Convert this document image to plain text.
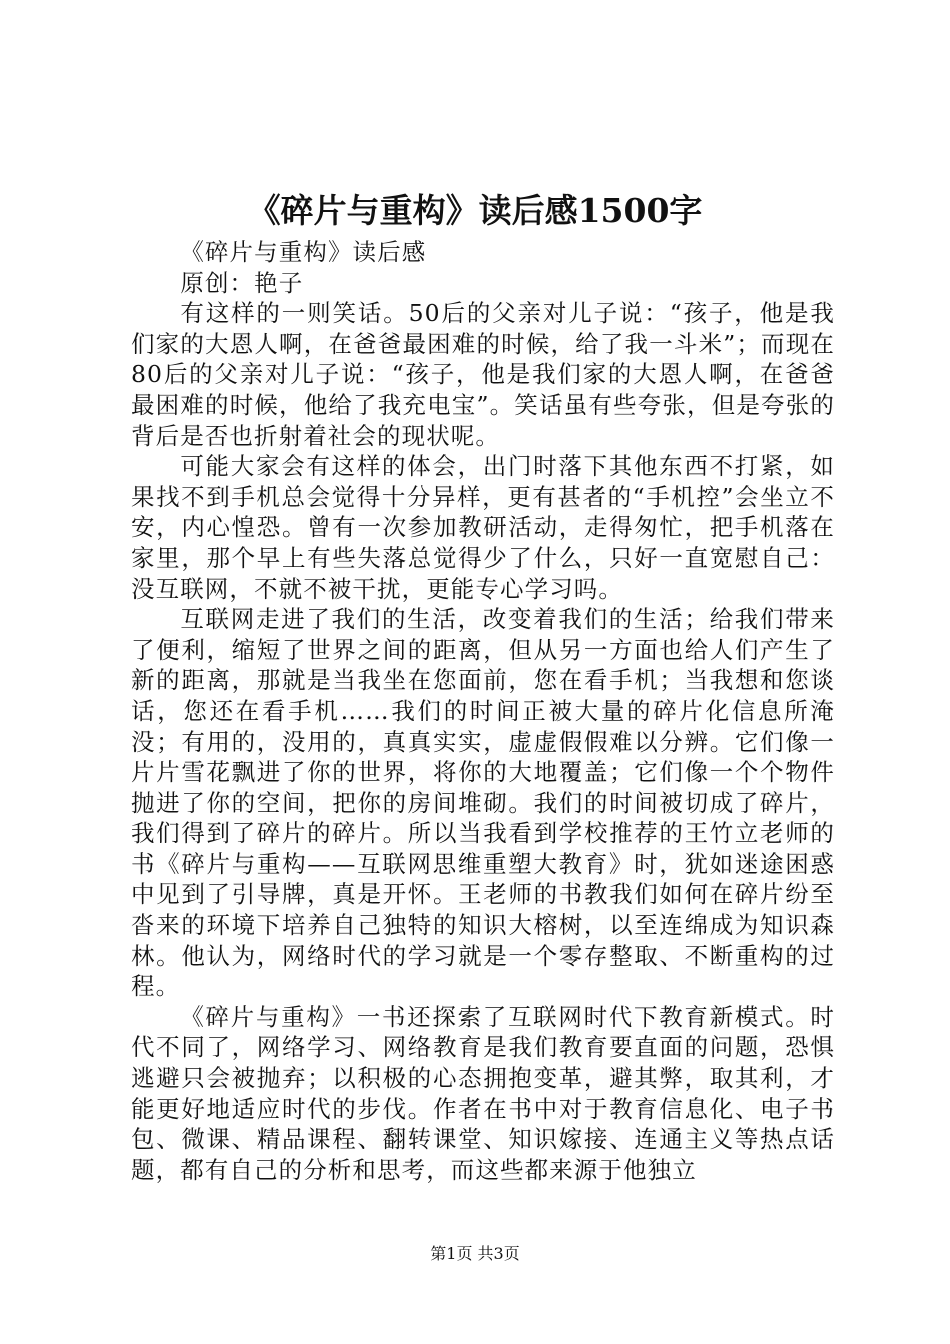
《碎片与重构》读后感1500字

《碎片与重构》读后感

原创：艳子

有这样的一则笑话。50后的父亲对儿子说：“孩子，他是我们家的大恩人啊，在爸爸最困难的时候，给了我一斗米”；而现在80后的父亲对儿子说：“孩子，他是我们家的大恩人啊，在爸爸最困难的时候，他给了我充电宝”。笑话虽有些夸张，但是夸张的背后是否也折射着社会的现状呢。

可能大家会有这样的体会，出门时落下其他东西不打紧，如果找不到手机总会觉得十分异样，更有甚者的“手机控”会坐立不安，内心惶恐。曾有一次参加教研活动，走得匆忙，把手机落在家里，那个早上有些失落总觉得少了什么，只好一直宽慰自己：没互联网，不就不被干扰，更能专心学习吗。

互联网走进了我们的生活，改变着我们的生活；给我们带来了便利，缩短了世界之间的距离，但从另一方面也给人们产生了新的距离，那就是当我坐在您面前，您在看手机；当我想和您谈话，您还在看手机……我们的时间正被大量的碎片化信息所淹没；有用的，没用的，真真实实，虚虚假假难以分辨。它们像一片片雪花飘进了你的世界，将你的大地覆盖；它们像一个个物件抛进了你的空间，把你的房间堆砌。我们的时间被切成了碎片，我们得到了碎片的碎片。所以当我看到学校推荐的王竹立老师的书《碎片与重构——互联网思维重塑大教育》时，犹如迷途困惑中见到了引导牌，真是开怀。王老师的书教我们如何在碎片纷至沓来的环境下培养自己独特的知识大榕树，以至连绵成为知识森林。他认为，网络时代的学习就是一个零存整取、不断重构的过程。

《碎片与重构》一书还探索了互联网时代下教育新模式。时代不同了，网络学习、网络教育是我们教育要直面的问题，恐惧逃避只会被抛弃；以积极的心态拥抱变革，避其弊，取其利，才能更好地适应时代的步伐。作者在书中对于教育信息化、电子书包、微课、精品课程、翻转课堂、知识嫁接、连通主义等热点话题，都有自己的分析和思考，而这些都来源于他独立

第1页 共3页
